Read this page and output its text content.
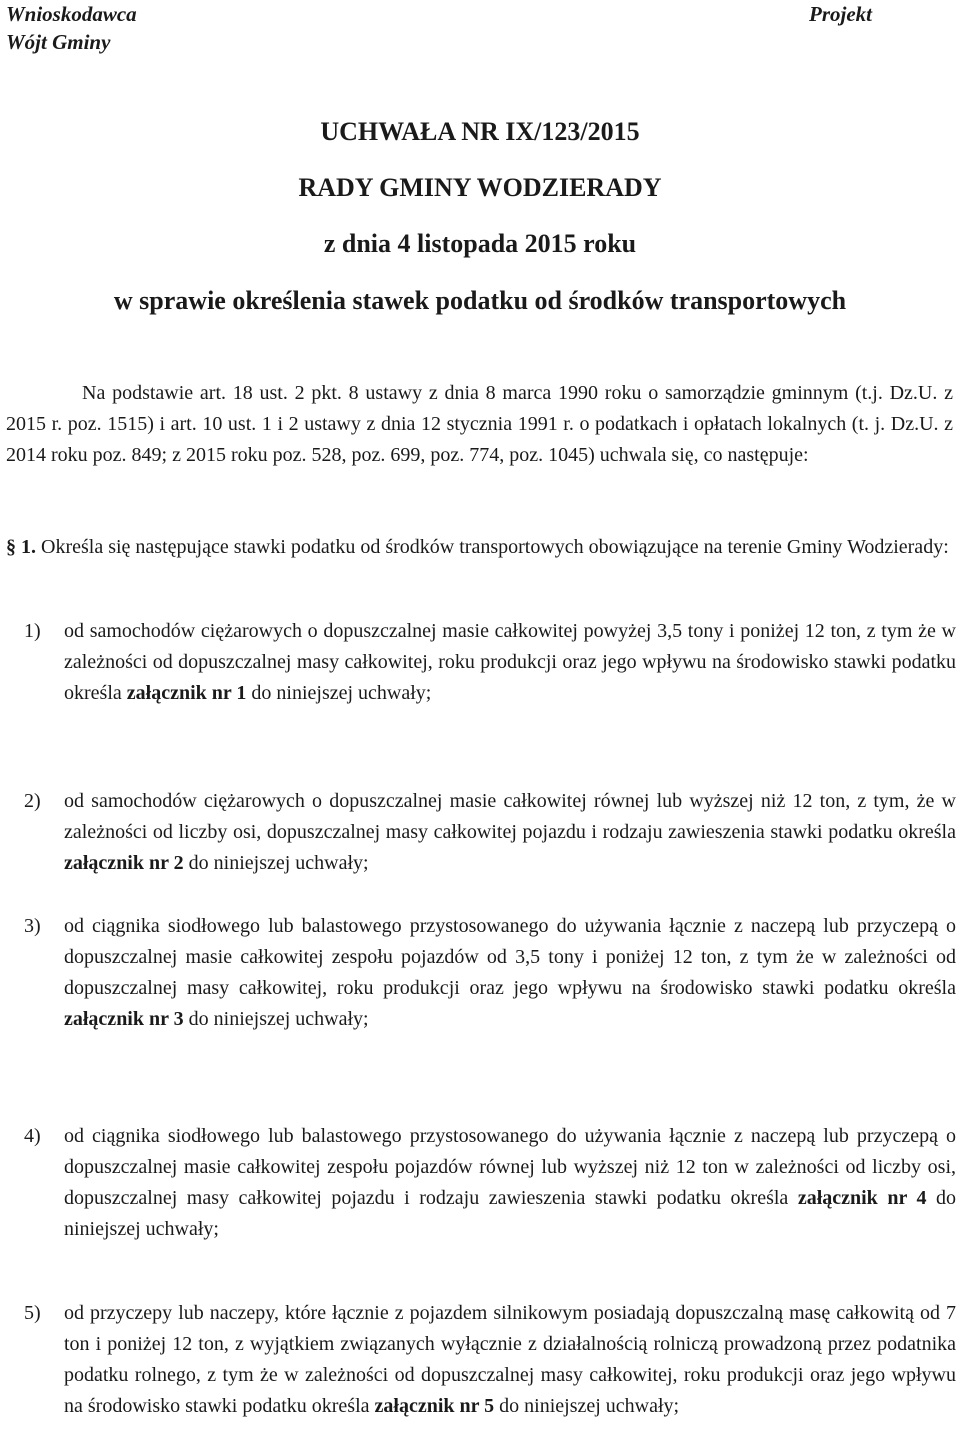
Wnioskodawca
Wójt Gminy
Projekt
UCHWAŁA NR IX/123/2015
RADY GMINY WODZIERADY
z dnia 4 listopada 2015 roku
w sprawie określenia stawek podatku od środków transportowych
Na podstawie art. 18 ust. 2 pkt. 8 ustawy z dnia 8 marca 1990 roku o samorządzie gminnym (t.j. Dz.U. z 2015 r. poz. 1515) i art. 10 ust. 1 i 2 ustawy z dnia 12 stycznia 1991 r. o podatkach i opłatach lokalnych (t. j. Dz.U. z 2014 roku poz. 849; z 2015 roku poz. 528, poz. 699, poz. 774, poz. 1045) uchwala się, co następuje:
§ 1. Określa się następujące stawki podatku od środków transportowych obowiązujące na terenie Gminy Wodzierady:
1) od samochodów ciężarowych o dopuszczalnej masie całkowitej powyżej 3,5 tony i poniżej 12 ton, z tym że w zależności od dopuszczalnej masy całkowitej, roku produkcji oraz jego wpływu na środowisko stawki podatku określa załącznik nr 1 do niniejszej uchwały;
2) od samochodów ciężarowych o dopuszczalnej masie całkowitej równej lub wyższej niż 12 ton, z tym, że w zależności od liczby osi, dopuszczalnej masy całkowitej pojazdu i rodzaju zawieszenia stawki podatku określa załącznik nr 2 do niniejszej uchwały;
3) od ciągnika siodłowego lub balastowego przystosowanego do używania łącznie z naczepą lub przyczepą o dopuszczalnej masie całkowitej zespołu pojazdów od 3,5 tony i poniżej 12 ton, z tym że w zależności od dopuszczalnej masy całkowitej, roku produkcji oraz jego wpływu na środowisko stawki podatku określa załącznik nr 3 do niniejszej uchwały;
4) od ciągnika siodłowego lub balastowego przystosowanego do używania łącznie z naczepą lub przyczepą o dopuszczalnej masie całkowitej zespołu pojazdów równej lub wyższej niż 12 ton w zależności od liczby osi, dopuszczalnej masy całkowitej pojazdu i rodzaju zawieszenia stawki podatku określa załącznik nr 4 do niniejszej uchwały;
5) od przyczepy lub naczepy, które łącznie z pojazdem silnikowym posiadają dopuszczalną masę całkowitą od 7 ton i poniżej 12 ton, z wyjątkiem związanych wyłącznie z działalnością rolniczą prowadzoną przez podatnika podatku rolnego, z tym że w zależności od dopuszczalnej masy całkowitej, roku produkcji oraz jego wpływu na środowisko stawki podatku określa załącznik nr 5 do niniejszej uchwały;
